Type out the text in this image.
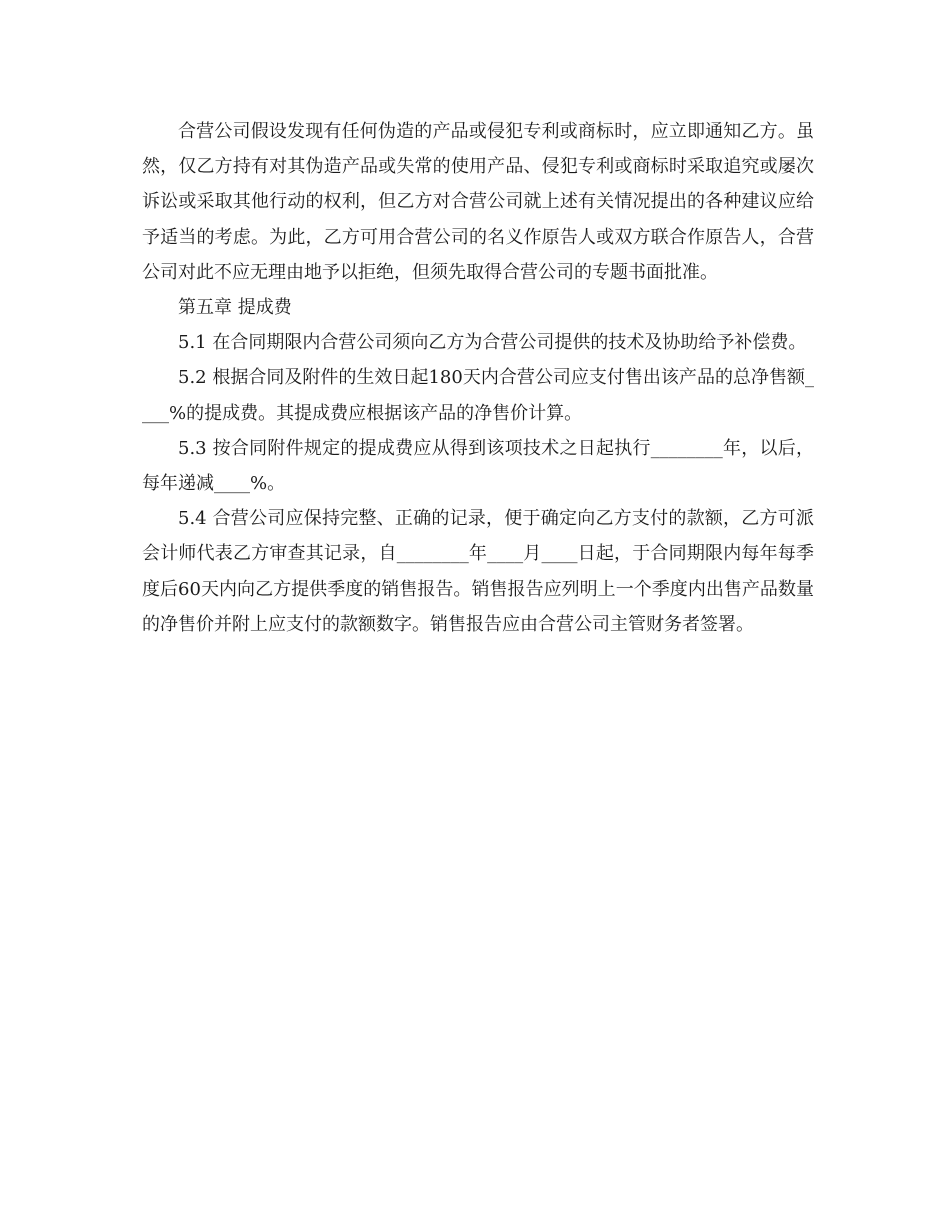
合营公司假设发现有任何伪造的产品或侵犯专利或商标时，应立即通知乙方。虽然，仅乙方持有对其伪造产品或失常的使用产品、侵犯专利或商标时采取追究或屡次诉讼或采取其他行动的权利，但乙方对合营公司就上述有关情况提出的各种建议应给予适当的考虑。为此，乙方可用合营公司的名义作原告人或双方联合作原告人，合营公司对此不应无理由地予以拒绝，但须先取得合营公司的专题书面批准。

第五章 提成费

5.1 在合同期限内合营公司须向乙方为合营公司提供的技术及协助给予补偿费。

5.2 根据合同及附件的生效日起180天内合营公司应支付售出该产品的总净售额____%的提成费。其提成费应根据该产品的净售价计算。

5.3 按合同附件规定的提成费应从得到该项技术之日起执行________年，以后，每年递减____%。

5.4 合营公司应保持完整、正确的记录，便于确定向乙方支付的款额，乙方可派会计师代表乙方审查其记录，自________年____月____日起，于合同期限内每年每季度后60天内向乙方提供季度的销售报告。销售报告应列明上一个季度内出售产品数量的净售价并附上应支付的款额数字。销售报告应由合营公司主管财务者签署。
